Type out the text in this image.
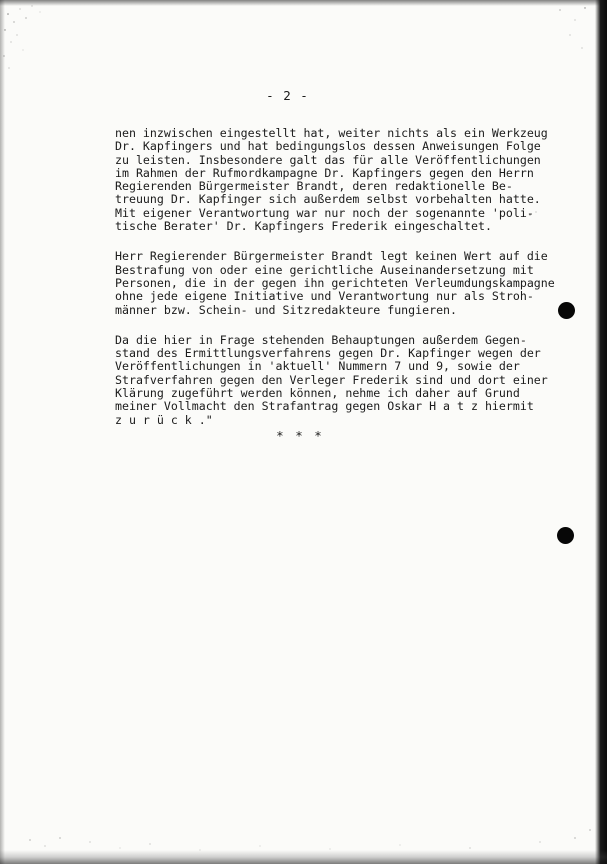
- 2 -
nen inzwischen eingestellt hat, weiter nichts als ein Werkzeug
Dr. Kapfingers und hat bedingungslos dessen Anweisungen Folge
zu leisten. Insbesondere galt das für alle Veröffentlichungen
im Rahmen der Rufmordkampagne Dr. Kapfingers gegen den Herrn
Regierenden Bürgermeister Brandt, deren redaktionelle Be-
treuung Dr. Kapfinger sich außerdem selbst vorbehalten hatte.
Mit eigener Verantwortung war nur noch der sogenannte 'poli-
tische Berater' Dr. Kapfingers Frederik eingeschaltet.
Herr Regierender Bürgermeister Brandt legt keinen Wert auf die
Bestrafung von oder eine gerichtliche Auseinandersetzung mit
Personen, die in der gegen ihn gerichteten Verleumdungskampagne
ohne jede eigene Initiative und Verantwortung nur als Stroh-
männer bzw. Schein- und Sitzredakteure fungieren.
Da die hier in Frage stehenden Behauptungen außerdem Gegen-
stand des Ermittlungsverfahrens gegen Dr. Kapfinger wegen der
Veröffentlichungen in 'aktuell' Nummern 7 und 9, sowie der
Strafverfahren gegen den Verleger Frederik sind und dort einer
Klärung zugeführt werden können, nehme ich daher auf Grund
meiner Vollmacht den Strafantrag gegen Oskar H a t z hiermit
z u r ü c k ."
* * *
